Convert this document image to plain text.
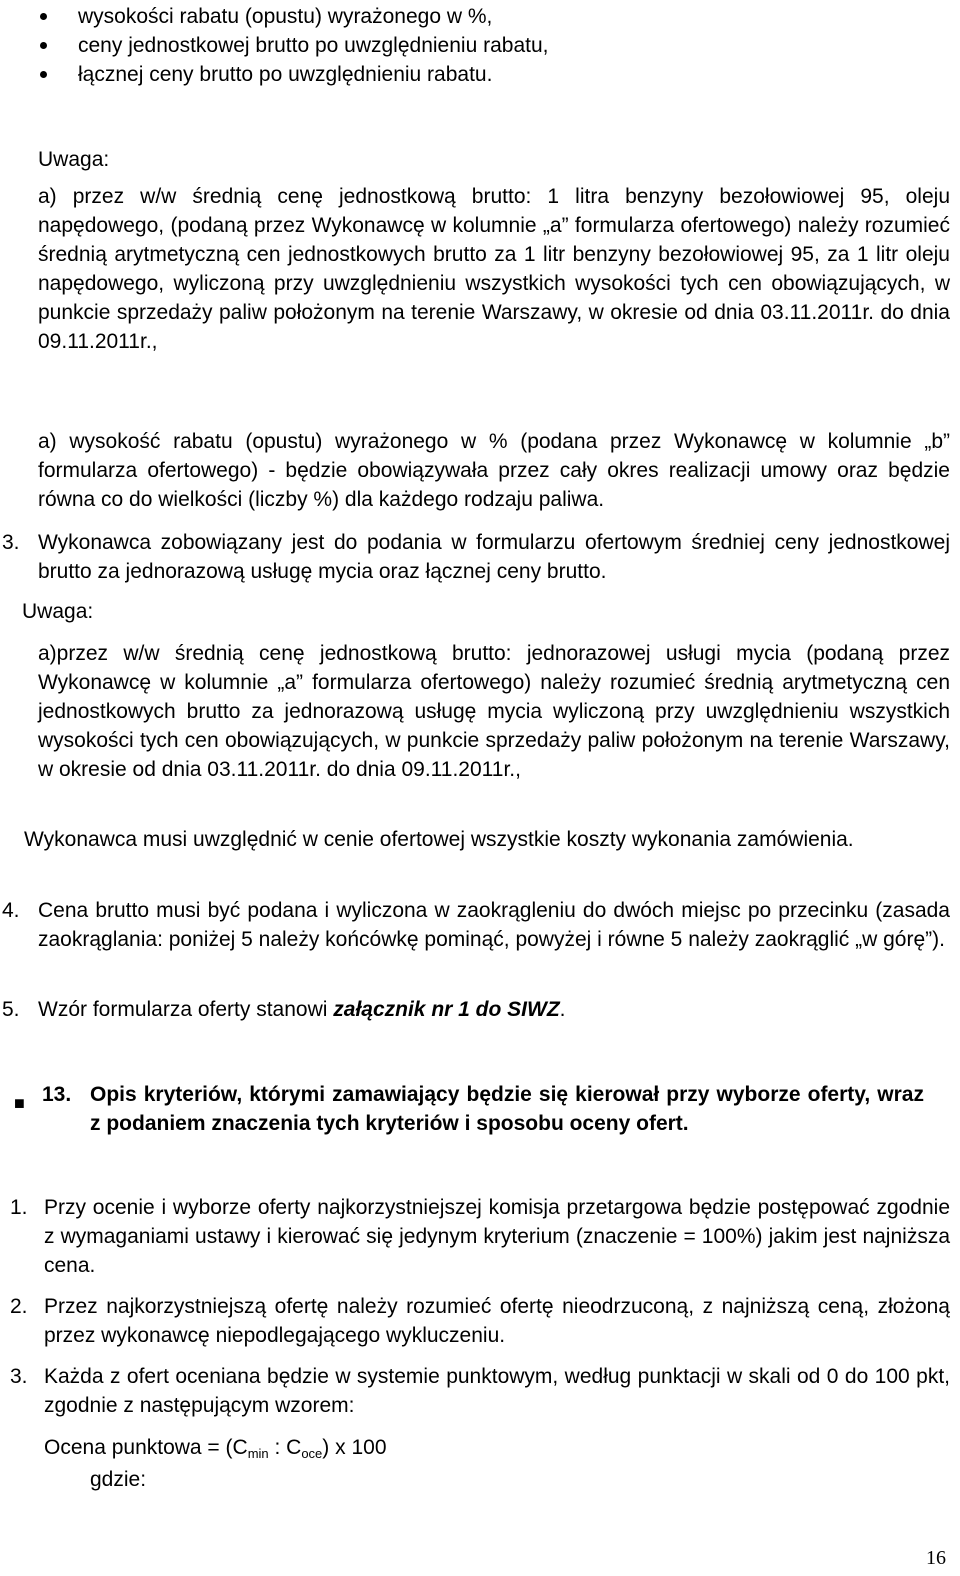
wysokości rabatu (opustu) wyrażonego w %,
ceny jednostkowej brutto po uwzględnieniu rabatu,
łącznej ceny brutto po uwzględnieniu rabatu.
Uwaga:
a) przez w/w średnią cenę jednostkową brutto: 1 litra benzyny bezołowiowej 95, oleju napędowego, (podaną przez Wykonawcę w kolumnie „a” formularza ofertowego) należy rozumieć średnią arytmetyczną cen jednostkowych brutto za 1 litr benzyny bezołowiowej 95, za 1 litr oleju napędowego, wyliczoną przy uwzględnieniu wszystkich wysokości tych cen obowiązujących, w punkcie sprzedaży paliw położonym na terenie Warszawy, w okresie od dnia 03.11.2011r. do dnia 09.11.2011r.,
a) wysokość rabatu (opustu) wyrażonego w % (podana przez Wykonawcę w kolumnie „b” formularza ofertowego) - będzie obowiązywała przez cały okres realizacji umowy oraz będzie równa co do wielkości (liczby %) dla każdego rodzaju paliwa.
3. Wykonawca zobowiązany jest do podania w formularzu ofertowym średniej ceny jednostkowej brutto za jednorazową usługę mycia oraz łącznej ceny brutto.
Uwaga:
a)przez w/w średnią cenę jednostkową brutto: jednorazowej usługi mycia (podaną przez Wykonawcę w kolumnie „a” formularza ofertowego) należy rozumieć średnią arytmetyczną cen jednostkowych brutto za jednorazową usługę mycia wyliczoną przy uwzględnieniu wszystkich wysokości tych cen obowiązujących, w punkcie sprzedaży paliw położonym na terenie Warszawy, w okresie od dnia 03.11.2011r. do dnia 09.11.2011r.,
Wykonawca musi uwzględnić w cenie ofertowej wszystkie koszty wykonania zamówienia.
4. Cena brutto musi być podana i wyliczona w zaokrągleniu do dwóch miejsc po przecinku (zasada zaokrąglania: poniżej 5 należy końcówkę pominąć, powyżej i równe 5 należy zaokrąglić „w górę”).
5. Wzór formularza oferty stanowi załącznik nr 1 do SIWZ.
■ 13. Opis kryteriów, którymi zamawiający będzie się kierował przy wyborze oferty, wraz z podaniem znaczenia tych kryteriów i sposobu oceny ofert.
1. Przy ocenie i wyborze oferty najkorzystniejszej komisja przetargowa będzie postępować zgodnie z wymaganiami ustawy i kierować się jedynym kryterium (znaczenie = 100%) jakim jest najniższa cena.
2. Przez najkorzystniejszą ofertę należy rozumieć ofertę nieodrzuconą, z najniższą ceną, złożoną przez wykonawcę niepodlegającego wykluczeniu.
3. Każda z ofert oceniana będzie w systemie punktowym, według punktacji w skali od 0 do 100 pkt, zgodnie z następującym wzorem:
Ocena punktowa = ($C_{min}$ : $C_{oce}$) x 100
gdzie:
16
